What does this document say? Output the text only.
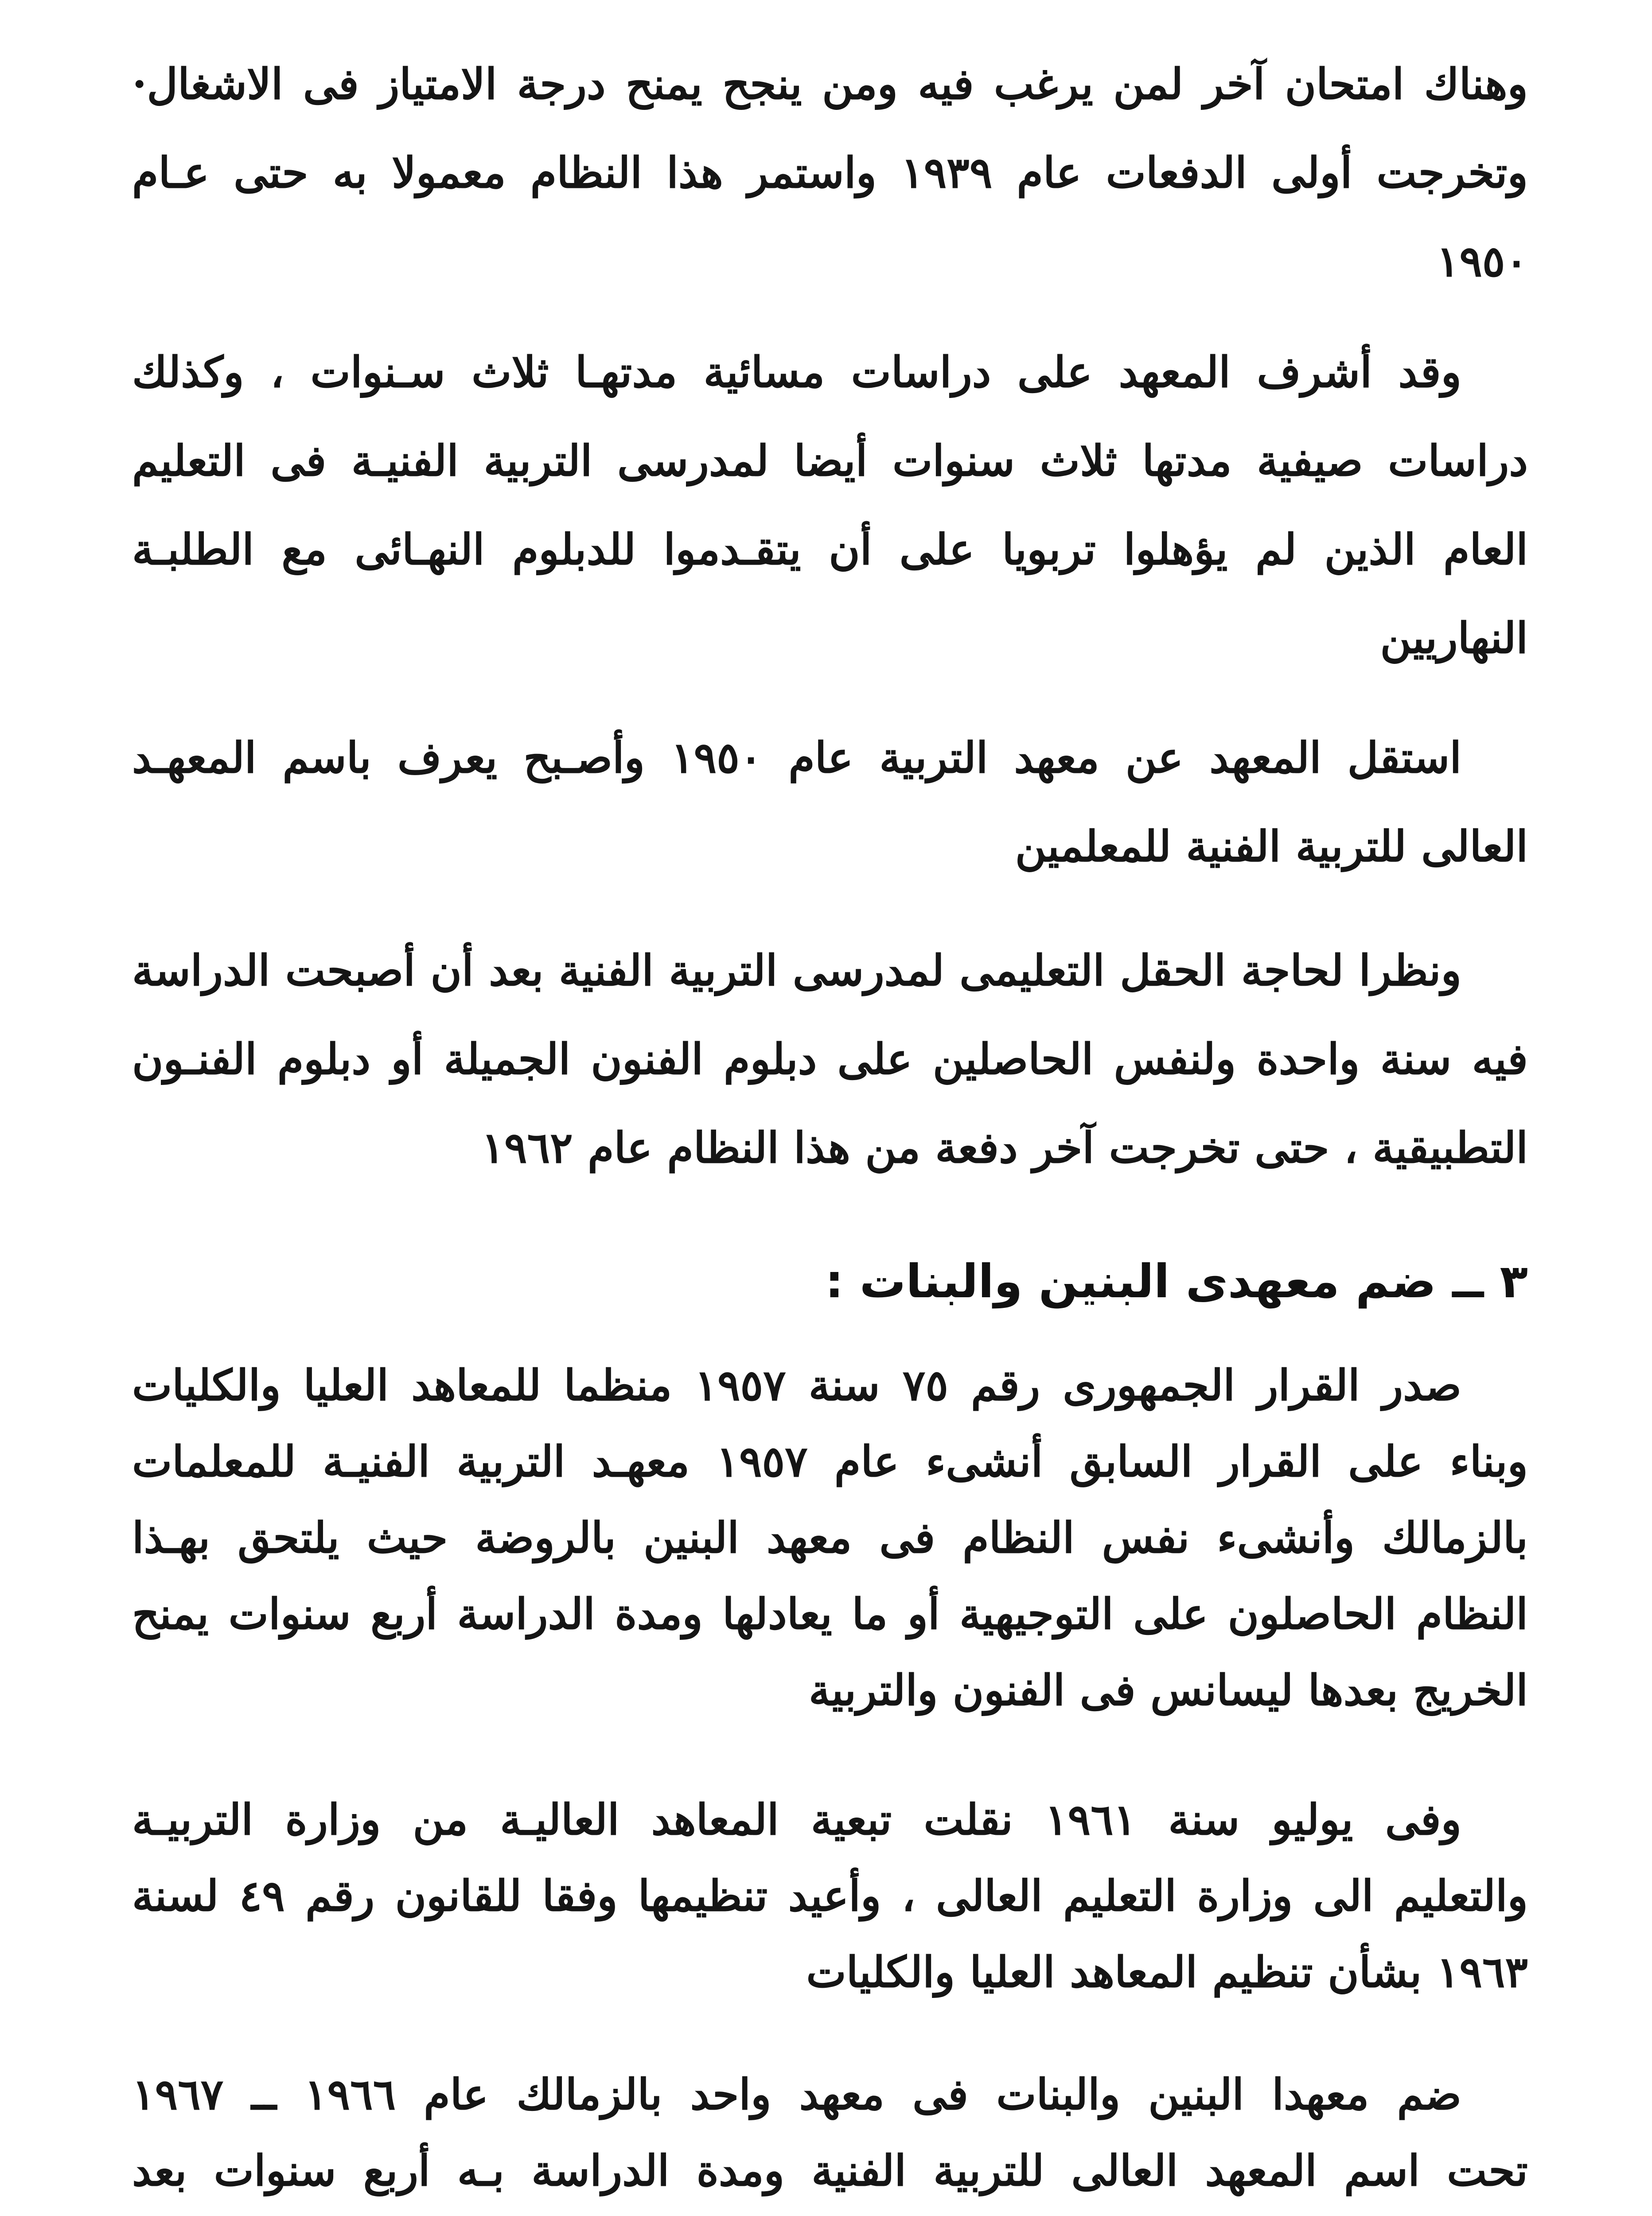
وهناك امتحان آخر لمن يرغب فيه ومن ينجح يمنح درجة الامتياز فى الاشغال·
وتخرجت أولى الدفعات عام ١٩٣٩ واستمر هذا النظام معمولا به حتى عـام
١٩٥٠

وقد أشرف المعهد على دراسات مسائية مدتهـا ثلاث سـنوات ، وكذلك
دراسات صيفية مدتها ثلاث سنوات أيضا لمدرسى التربية الفنيـة فى التعليم
العام الذين لم يؤهلوا تربويا على أن يتقـدموا للدبلوم النهـائى مع الطلبـة
النهاريين

استقل المعهد عن معهد التربية عام ١٩٥٠ وأصـبح يعرف باسم المعهـد
العالى للتربية الفنية للمعلمين

ونظرا لحاجة الحقل التعليمى لمدرسى التربية الفنية بعد أن أصبحت الدراسة
فيه سنة واحدة ولنفس الحاصلين على دبلوم الفنون الجميلة أو دبلوم الفنـون
التطبيقية ، حتى تخرجت آخر دفعة من هذا النظام عام ١٩٦٢

٣ ــ ضم معهدى البنين والبنات :

صدر القرار الجمهورى رقم ٧٥ سنة ١٩٥٧ منظما للمعاهد العليا والكليات
وبناء على القرار السابق أنشىء عام ١٩٥٧ معهـد التربية الفنيـة للمعلمات
بالزمالك وأنشىء نفس النظام فى معهد البنين بالروضة حيث يلتحق بهـذا
النظام الحاصلون على التوجيهية أو ما يعادلها ومدة الدراسة أربع سنوات يمنح
الخريج بعدها ليسانس فى الفنون والتربية

وفى يوليو سنة ١٩٦١ نقلت تبعية المعاهد العاليـة من وزارة التربيـة
والتعليم الى وزارة التعليم العالى ، وأعيد تنظيمها وفقا للقانون رقم ٤٩ لسنة
١٩٦٣ بشأن تنظيم المعاهد العليا والكليات

ضم معهدا البنين والبنات فى معهد واحد بالزمالك عام ١٩٦٦ ــ ١٩٦٧
تحت اسم المعهد العالى للتربية الفنية ومدة الدراسة بـه أربع سنوات بعد
